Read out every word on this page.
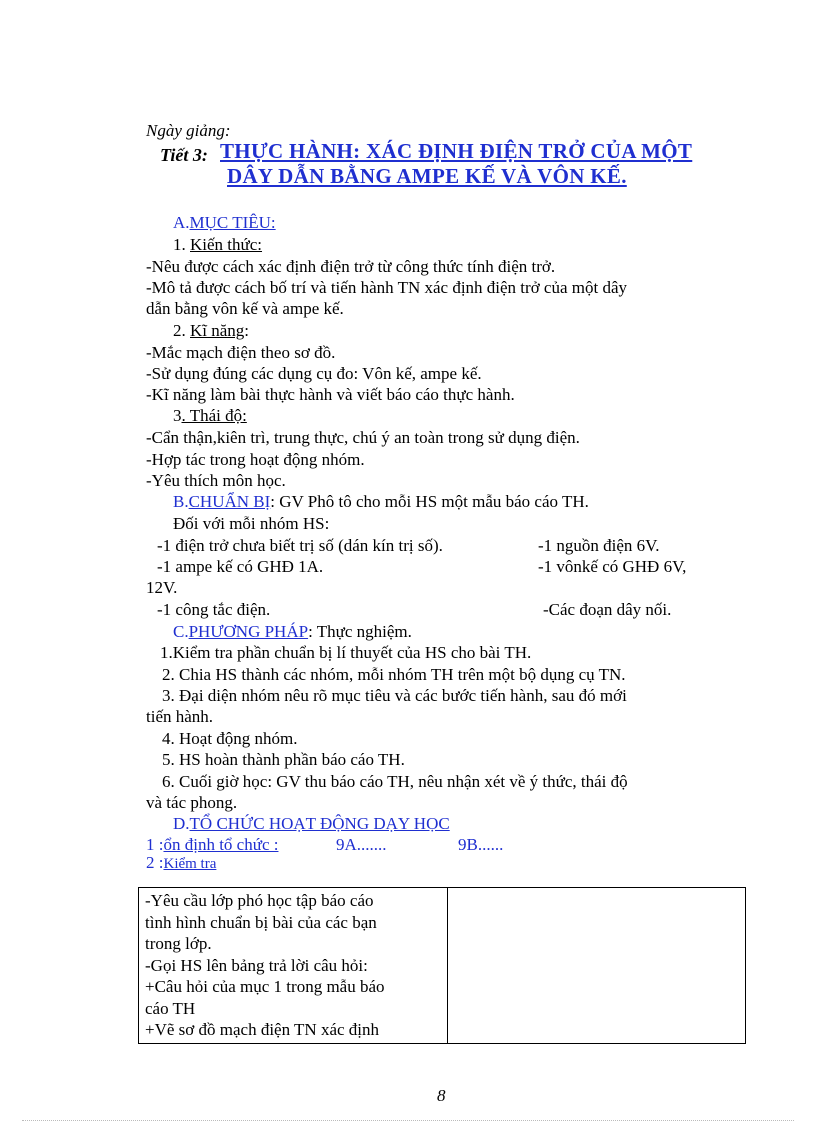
Ngày giảng:
Tiết 3: THỰC HÀNH: XÁC ĐỊNH ĐIỆN TRỞ CỦA MỘT
DÂY DẪN BẰNG AMPE KẾ VÀ VÔN KẾ.
A.MỤC TIÊU:
1. Kiến thức:
-Nêu được cách xác định điện trở từ công thức tính điện trở.
-Mô tả được cách bố trí và tiến hành TN xác định điện trở của một dây
dẫn bằng vôn kế và ampe kế.
2. Kĩ năng:
-Mắc mạch điện theo sơ đồ.
-Sử dụng đúng các dụng cụ đo: Vôn kế, ampe kế.
-Kĩ năng làm bài thực hành và viết báo cáo thực hành.
3. Thái độ:
-Cẩn thận,kiên trì, trung thực, chú ý an toàn trong sử dụng điện.
-Hợp tác trong hoạt động nhóm.
-Yêu thích môn học.
B.CHUẨN BỊ: GV Phô tô cho mỗi HS một mẫu báo cáo TH.
Đối với mỗi nhóm HS:
-1 điện trở chưa biết trị số (dán kín trị số).	-1 nguồn điện 6V.
-1 ampe kế có GHĐ 1A.	-1 vônkế có GHĐ 6V,
12V.
-1 công tắc điện.	-Các đoạn dây nối.
C.PHƯƠNG PHÁP: Thực nghiệm.
1.Kiểm tra phần chuẩn bị lí thuyết của HS cho bài TH.
2. Chia HS thành các nhóm, mỗi nhóm TH trên một bộ dụng cụ TN.
3. Đại diện nhóm nêu rõ mục tiêu và các bước tiến hành, sau đó mới
tiến hành.
4. Hoạt động nhóm.
5. HS hoàn thành phần báo cáo TH.
6. Cuối giờ học: GV thu báo cáo TH, nêu nhận xét về ý thức, thái độ
và tác phong.
D.TỔ CHỨC HOẠT ĐỘNG DẠY HỌC
1 :ổn định tổ chức :	9A.......	9B......
2 :Kiểm tra
-Yêu cầu lớp phó học tập báo cáo
tình hình chuẩn bị bài của các bạn
trong lớp.
-Gọi HS lên bảng trả lời câu hỏi:
+Câu hỏi của mục 1 trong mẫu báo
cáo TH
+Vẽ sơ đồ mạch điện TN xác định

8
